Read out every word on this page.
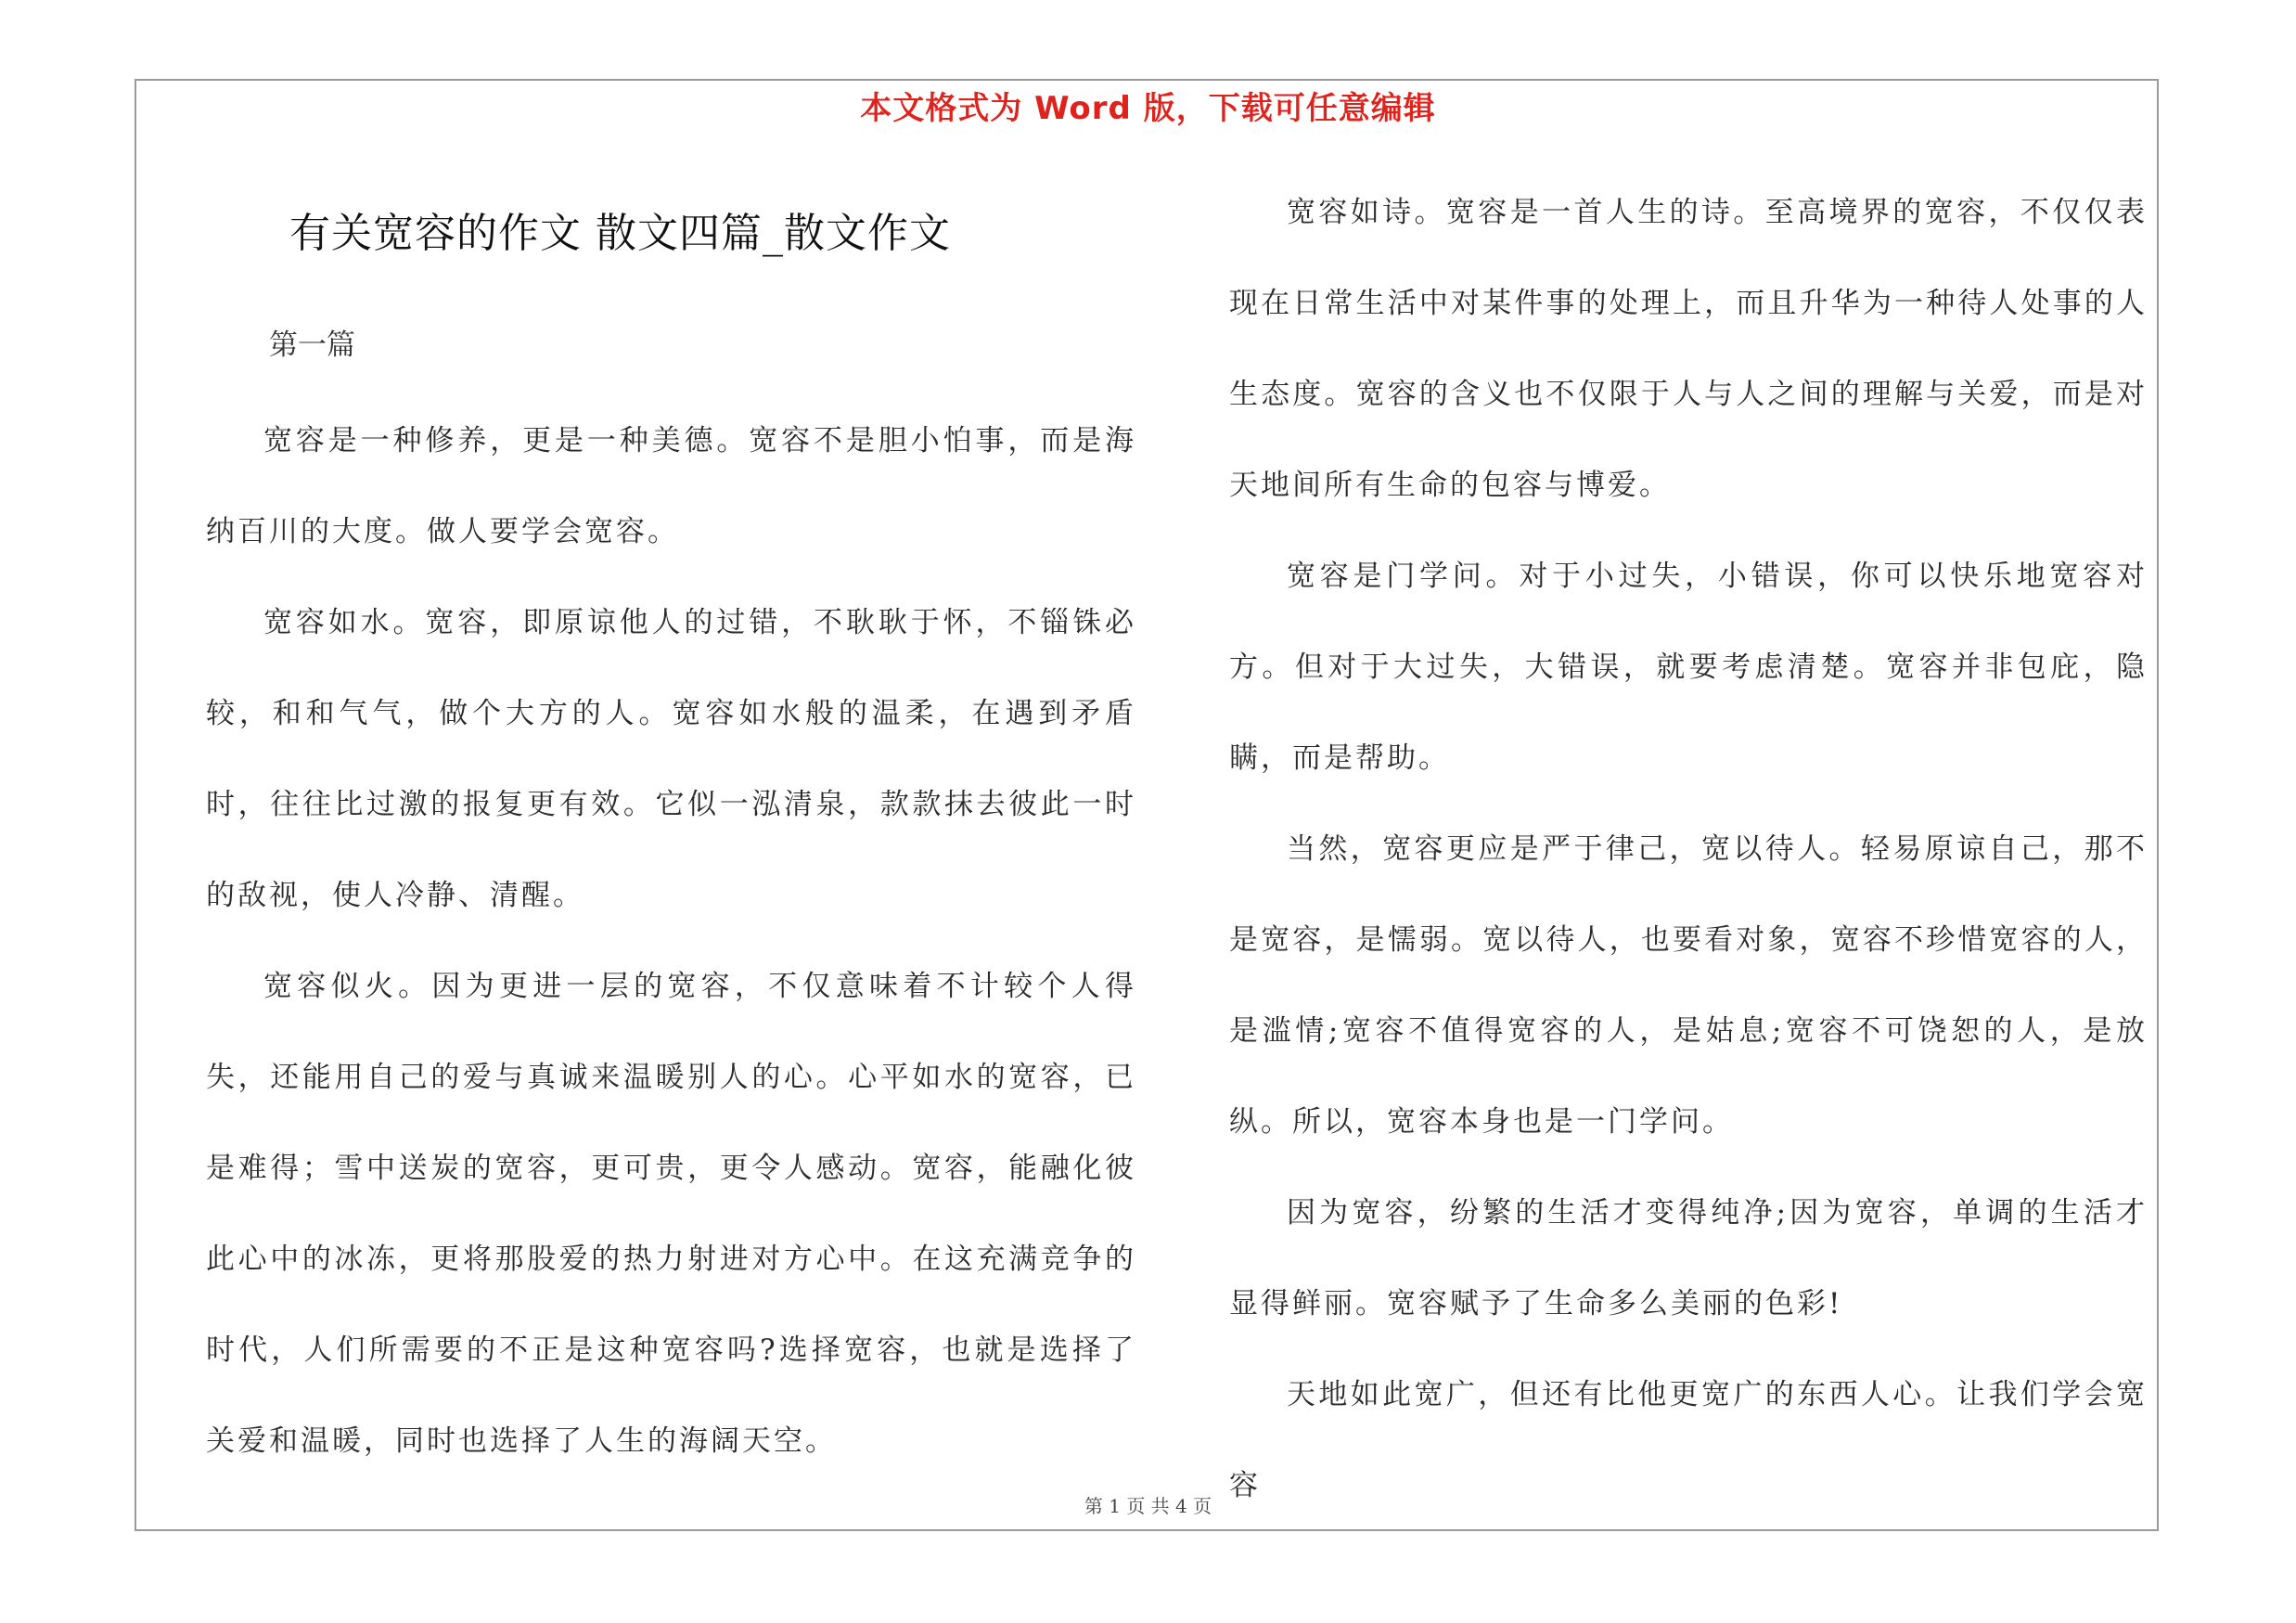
本文格式为 Word 版，下载可任意编辑
有关宽容的作文 散文四篇_散文作文
第一篇

宽容是一种修养，更是一种美德。宽容不是胆小怕事，而是海纳百川的大度。做人要学会宽容。

宽容如水。宽容，即原谅他人的过错，不耿耿于怀，不锱铢必较，和和气气，做个大方的人。宽容如水般的温柔，在遇到矛盾时，往往比过激的报复更有效。它似一泓清泉，款款抹去彼此一时的敌视，使人冷静、清醒。

宽容似火。因为更进一层的宽容，不仅意味着不计较个人得失，还能用自己的爱与真诚来温暖别人的心。心平如水的宽容，已是难得；雪中送炭的宽容，更可贵，更令人感动。宽容，能融化彼此心中的冰冻，更将那股爱的热力射进对方心中。在这充满竞争的时代，人们所需要的不正是这种宽容吗?选择宽容，也就是选择了关爱和温暖，同时也选择了人生的海阔天空。

宽容如诗。宽容是一首人生的诗。至高境界的宽容，不仅仅表现在日常生活中对某件事的处理上，而且升华为一种待人处事的人生态度。宽容的含义也不仅限于人与人之间的理解与关爱，而是对天地间所有生命的包容与博爱。

宽容是门学问。对于小过失，小错误，你可以快乐地宽容对方。但对于大过失，大错误，就要考虑清楚。宽容并非包庇，隐瞒，而是帮助。

当然，宽容更应是严于律己，宽以待人。轻易原谅自己，那不是宽容，是懦弱。宽以待人，也要看对象，宽容不珍惜宽容的人，是滥情;宽容不值得宽容的人，是姑息;宽容不可饶恕的人，是放纵。所以，宽容本身也是一门学问。

因为宽容，纷繁的生活才变得纯净;因为宽容，单调的生活才显得鲜丽。宽容赋予了生命多么美丽的色彩!

天地如此宽广，但还有比他更宽广的东西人心。让我们学会宽容

第 1 页 共 4 页
